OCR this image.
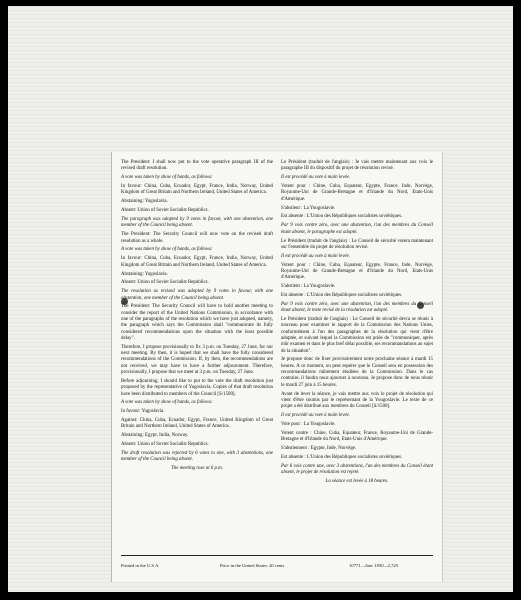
The President: I shall now put to the vote operative paragraph III of the revised draft resolution.

A vote was taken by show of hands, as follows:

In favour: China, Cuba, Ecuador, Egypt, France, India, Norway, United Kingdom of Great Britain and Northern Ireland, United States of America.

Abstaining: Yugoslavia.

Absent: Union of Soviet Socialist Republics.

The paragraph was adopted by 9 votes in favour, with one abstention, one member of the Council being absent.

The President: The Security Council will now vote on the revised draft resolution as a whole.

A vote was taken by show of hands, as follows:

In favour: China, Cuba, Ecuador, Egypt, France, India, Norway, United Kingdom of Great Britain and Northern Ireland, United States of America.

Abstaining: Yugoslavia.

Absent: Union of Soviet Socialist Republics.

The resolution as revised was adopted by 9 votes in favour, with one abstention, one member of the Council being absent.

The President: The Security Council will have to hold another meeting to consider the report of the United Nations Commission, in accordance with one of the paragraphs of the resolution which we have just adopted, namely, the paragraph which says the Commission shall "communicate its fully considered recommendations upon the situation with the least possible delay".

Therefore, I propose provisionally to fix 3 p.m. on Tuesday, 27 June, for our next meeting. By then, it is hoped that we shall have the fully considered recommendations of the Commission. If, by then, the recommendations are not received, we may have to have a further adjournment. Therefore, provisionally, I propose that we meet at 3 p.m. on Tuesday, 27 June.

Before adjourning, I should like to put to the vote the draft resolution just proposed by the representative of Yugoslavia. Copies of that draft resolution have been distributed to members of the Council [S/1500].

A vote was taken by show of hands, as follows:

In favour: Yugoslavia.

Against: China, Cuba, Ecuador, Egypt, France, United Kingdom of Great Britain and Northern Ireland, United States of America.

Abstaining: Egypt, India, Norway.

Absent: Union of Soviet Socialist Republics.

The draft resolution was rejected by 6 votes to one, with 3 abstentions, one member of the Council being absent.

The meeting rose at 6 p.m.

Le Président (traduit de l'anglais) : Je vais mettre maintenant aux voix le paragraphe III du dispositif du projet de résolution revisé.

Il est procédé au vote à main levée.

Votent pour : Chine, Cuba, Equateur, Egypte, France, Inde, Norvège, Royaume-Uni de Grande-Bretagne et d'Irlande du Nord, Etats-Unis d'Amérique.

S'abstient : La Yougoslavie.

Est absente : L'Union des Républiques socialistes soviétiques.

Par 9 voix contre zéro, avec une abstention, l'un des membres du Conseil étant absent, le paragraphe est adopté.

Le Président (traduit de l'anglais) : Le Conseil de sécurité votera maintenant sur l'ensemble du projet de résolution revisé.

Il est procédé au vote à main levée.

Votent pour : Chine, Cuba, Equateur, Egypte, France, Inde, Norvège, Royaume-Uni de Grande-Bretagne et d'Irlande du Nord, Etats-Unis d'Amérique.

S'abstient : La Yougoslavie.

Est absente : L'Union des Républiques socialistes soviétiques.

Par 9 voix contre zéro, avec une abstention, l'un des membres du Conseil étant absent, le texte revisé de la résolution est adopté.

Le Président (traduit de l'anglais) : Le Conseil de sécurité devra se réunir à nouveau pour examiner le rapport de la Commission des Nations Unies, conformément à l'un des paragraphes de la résolution qui vient d'être adoptée, et suivant lequel la Commission est priée de "communiquer, après mûr examen et dans le plus bref délai possible, ses recommandations au sujet de la situation".

Je propose donc de fixer provisoirement notre prochaine séance à mardi 15 heures. A ce moment, on peut espérer que le Conseil sera en possession des recommandations mûrement étudiées de la Commission. Dans le cas contraire, il faudra nous ajourner à nouveau. Je propose donc de nous réunir le mardi 27 juin à 15 heures.

Avant de lever la séance, je vais mettre aux voix le projet de résolution qui vient d'être soumis par le représentant de la Yougoslavie. Le texte de ce projet a été distribué aux membres du Conseil [S/1500].

Il est procédé au vote à main levée.

Vote pour : La Yougoslavie.

Votent contre : Chine, Cuba, Equateur, France, Royaume-Uni de Grande-Bretagne et d'Irlande du Nord, Etats-Unis d'Amérique.

S'abstiennent : Egypte, Inde, Norvège.

Est absente : L'Union des Républiques socialistes soviétiques.

Par 6 voix contre une, avec 3 abstentions, l'un des membres du Conseil étant absent, le projet de résolution est rejeté.

La séance est levée à 18 heures.

Printed in the U.S.A.	Price in the United States: 20 cents	10771—June 1950—2,725
